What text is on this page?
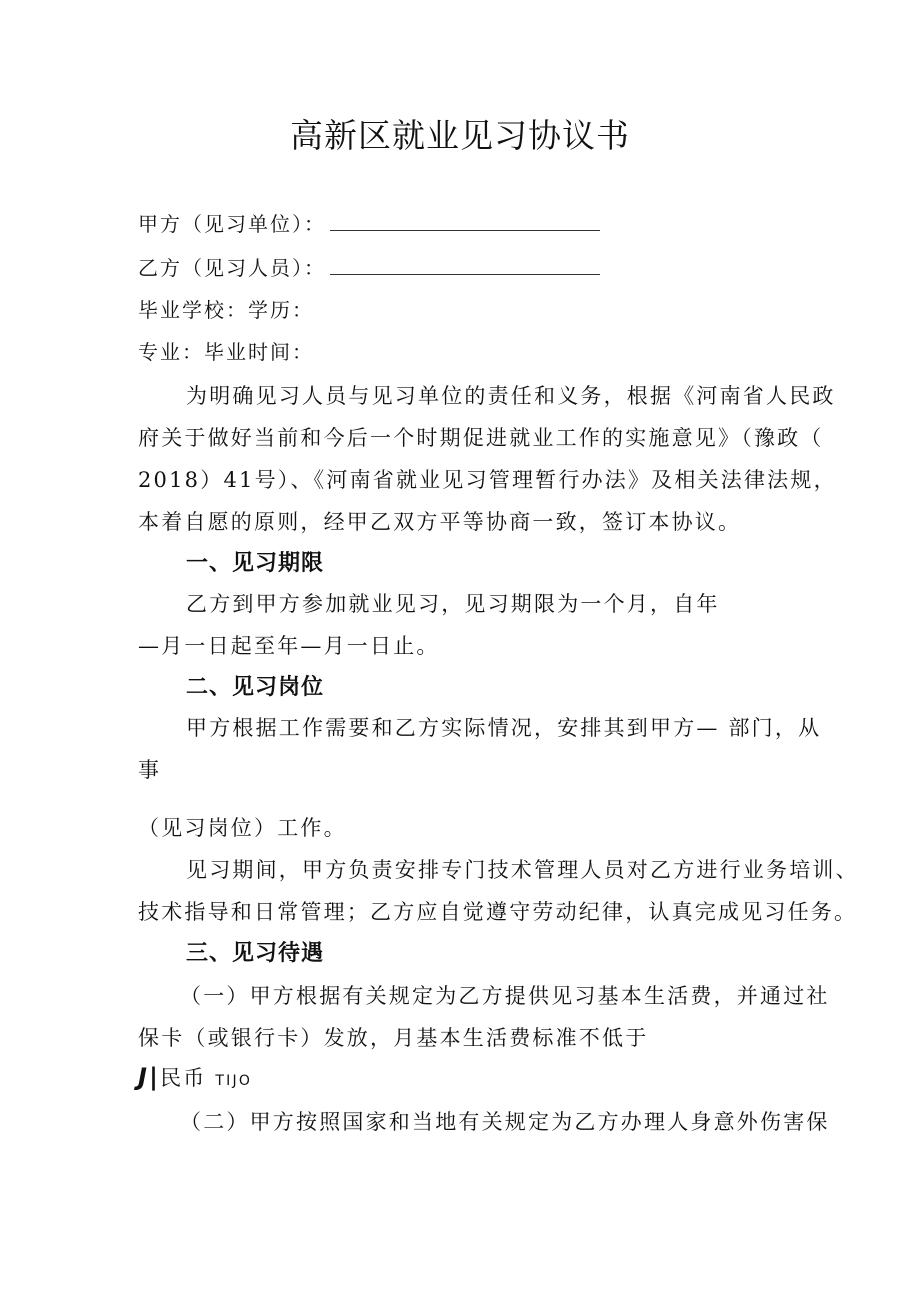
高新区就业见习协议书
甲方（见习单位）：
乙方（见习人员）：
毕业学校：学历：
专业：毕业时间：
为明确见习人员与见习单位的责任和义务，根据《河南省人民政
府关于做好当前和今后一个时期促进就业工作的实施意见》（豫政（
2018）41号）、《河南省就业见习管理暂行办法》及相关法律法规，
本着自愿的原则，经甲乙双方平等协商一致，签订本协议。
一、见习期限
乙方到甲方参加就业见习，见习期限为一个月，自年
—月一日起至年—月一日止。
二、见习岗位
甲方根据工作需要和乙方实际情况，安排其到甲方— 部门，从
事
（见习岗位）工作。
见习期间，甲方负责安排专门技术管理人员对乙方进行业务培训、
技术指导和日常管理；乙方应自觉遵守劳动纪律，认真完成见习任务。
三、见习待遇
（一）甲方根据有关规定为乙方提供见习基本生活费，并通过社
保卡（或银行卡）发放，月基本生活费标准不低于
J|民币 TIJO
（二）甲方按照国家和当地有关规定为乙方办理人身意外伤害保
